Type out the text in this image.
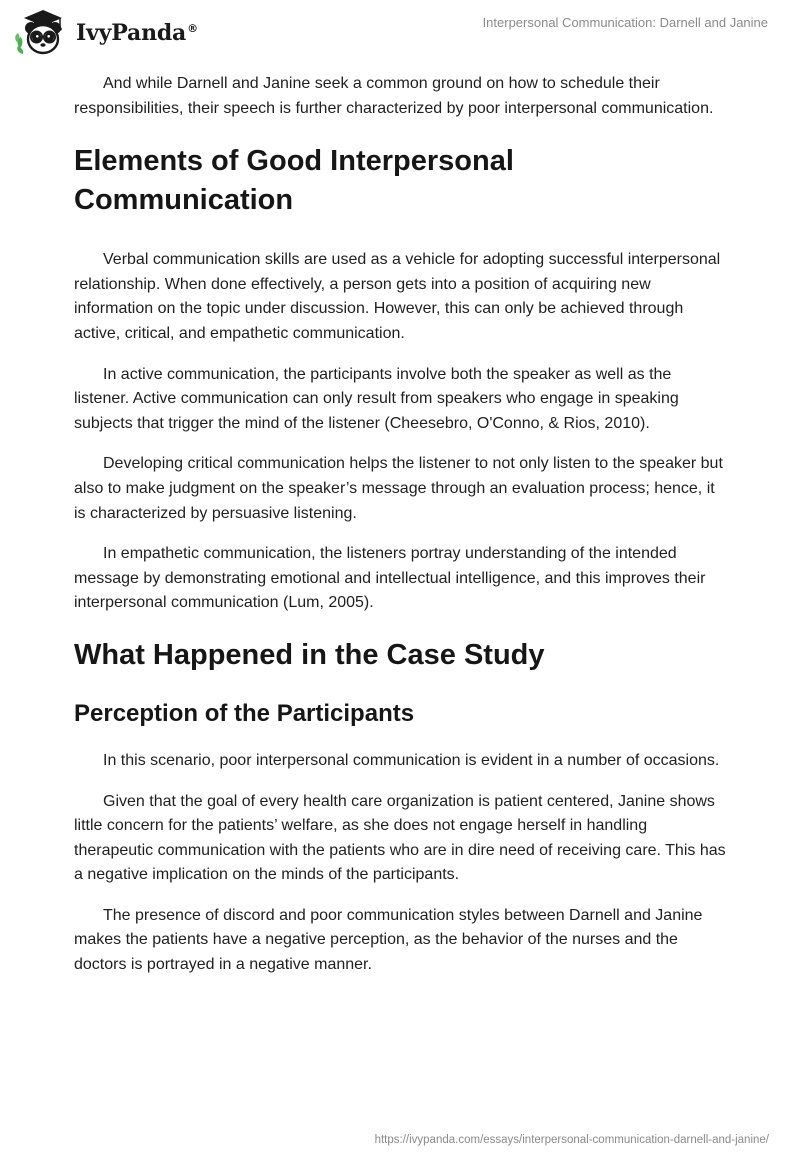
IvyPanda®	Interpersonal Communication: Darnell and Janine

And while Darnell and Janine seek a common ground on how to schedule their responsibilities, their speech is further characterized by poor interpersonal communication.

Elements of Good Interpersonal Communication

Verbal communication skills are used as a vehicle for adopting successful interpersonal relationship. When done effectively, a person gets into a position of acquiring new information on the topic under discussion. However, this can only be achieved through active, critical, and empathetic communication.

In active communication, the participants involve both the speaker as well as the listener. Active communication can only result from speakers who engage in speaking subjects that trigger the mind of the listener (Cheesebro, O'Conno, & Rios, 2010).

Developing critical communication helps the listener to not only listen to the speaker but also to make judgment on the speaker’s message through an evaluation process; hence, it is characterized by persuasive listening.

In empathetic communication, the listeners portray understanding of the intended message by demonstrating emotional and intellectual intelligence, and this improves their interpersonal communication (Lum, 2005).

What Happened in the Case Study
Perception of the Participants

In this scenario, poor interpersonal communication is evident in a number of occasions.

Given that the goal of every health care organization is patient centered, Janine shows little concern for the patients’ welfare, as she does not engage herself in handling therapeutic communication with the patients who are in dire need of receiving care. This has a negative implication on the minds of the participants.

The presence of discord and poor communication styles between Darnell and Janine makes the patients have a negative perception, as the behavior of the nurses and the doctors is portrayed in a negative manner.

https://ivypanda.com/essays/interpersonal-communication-darnell-and-janine/
